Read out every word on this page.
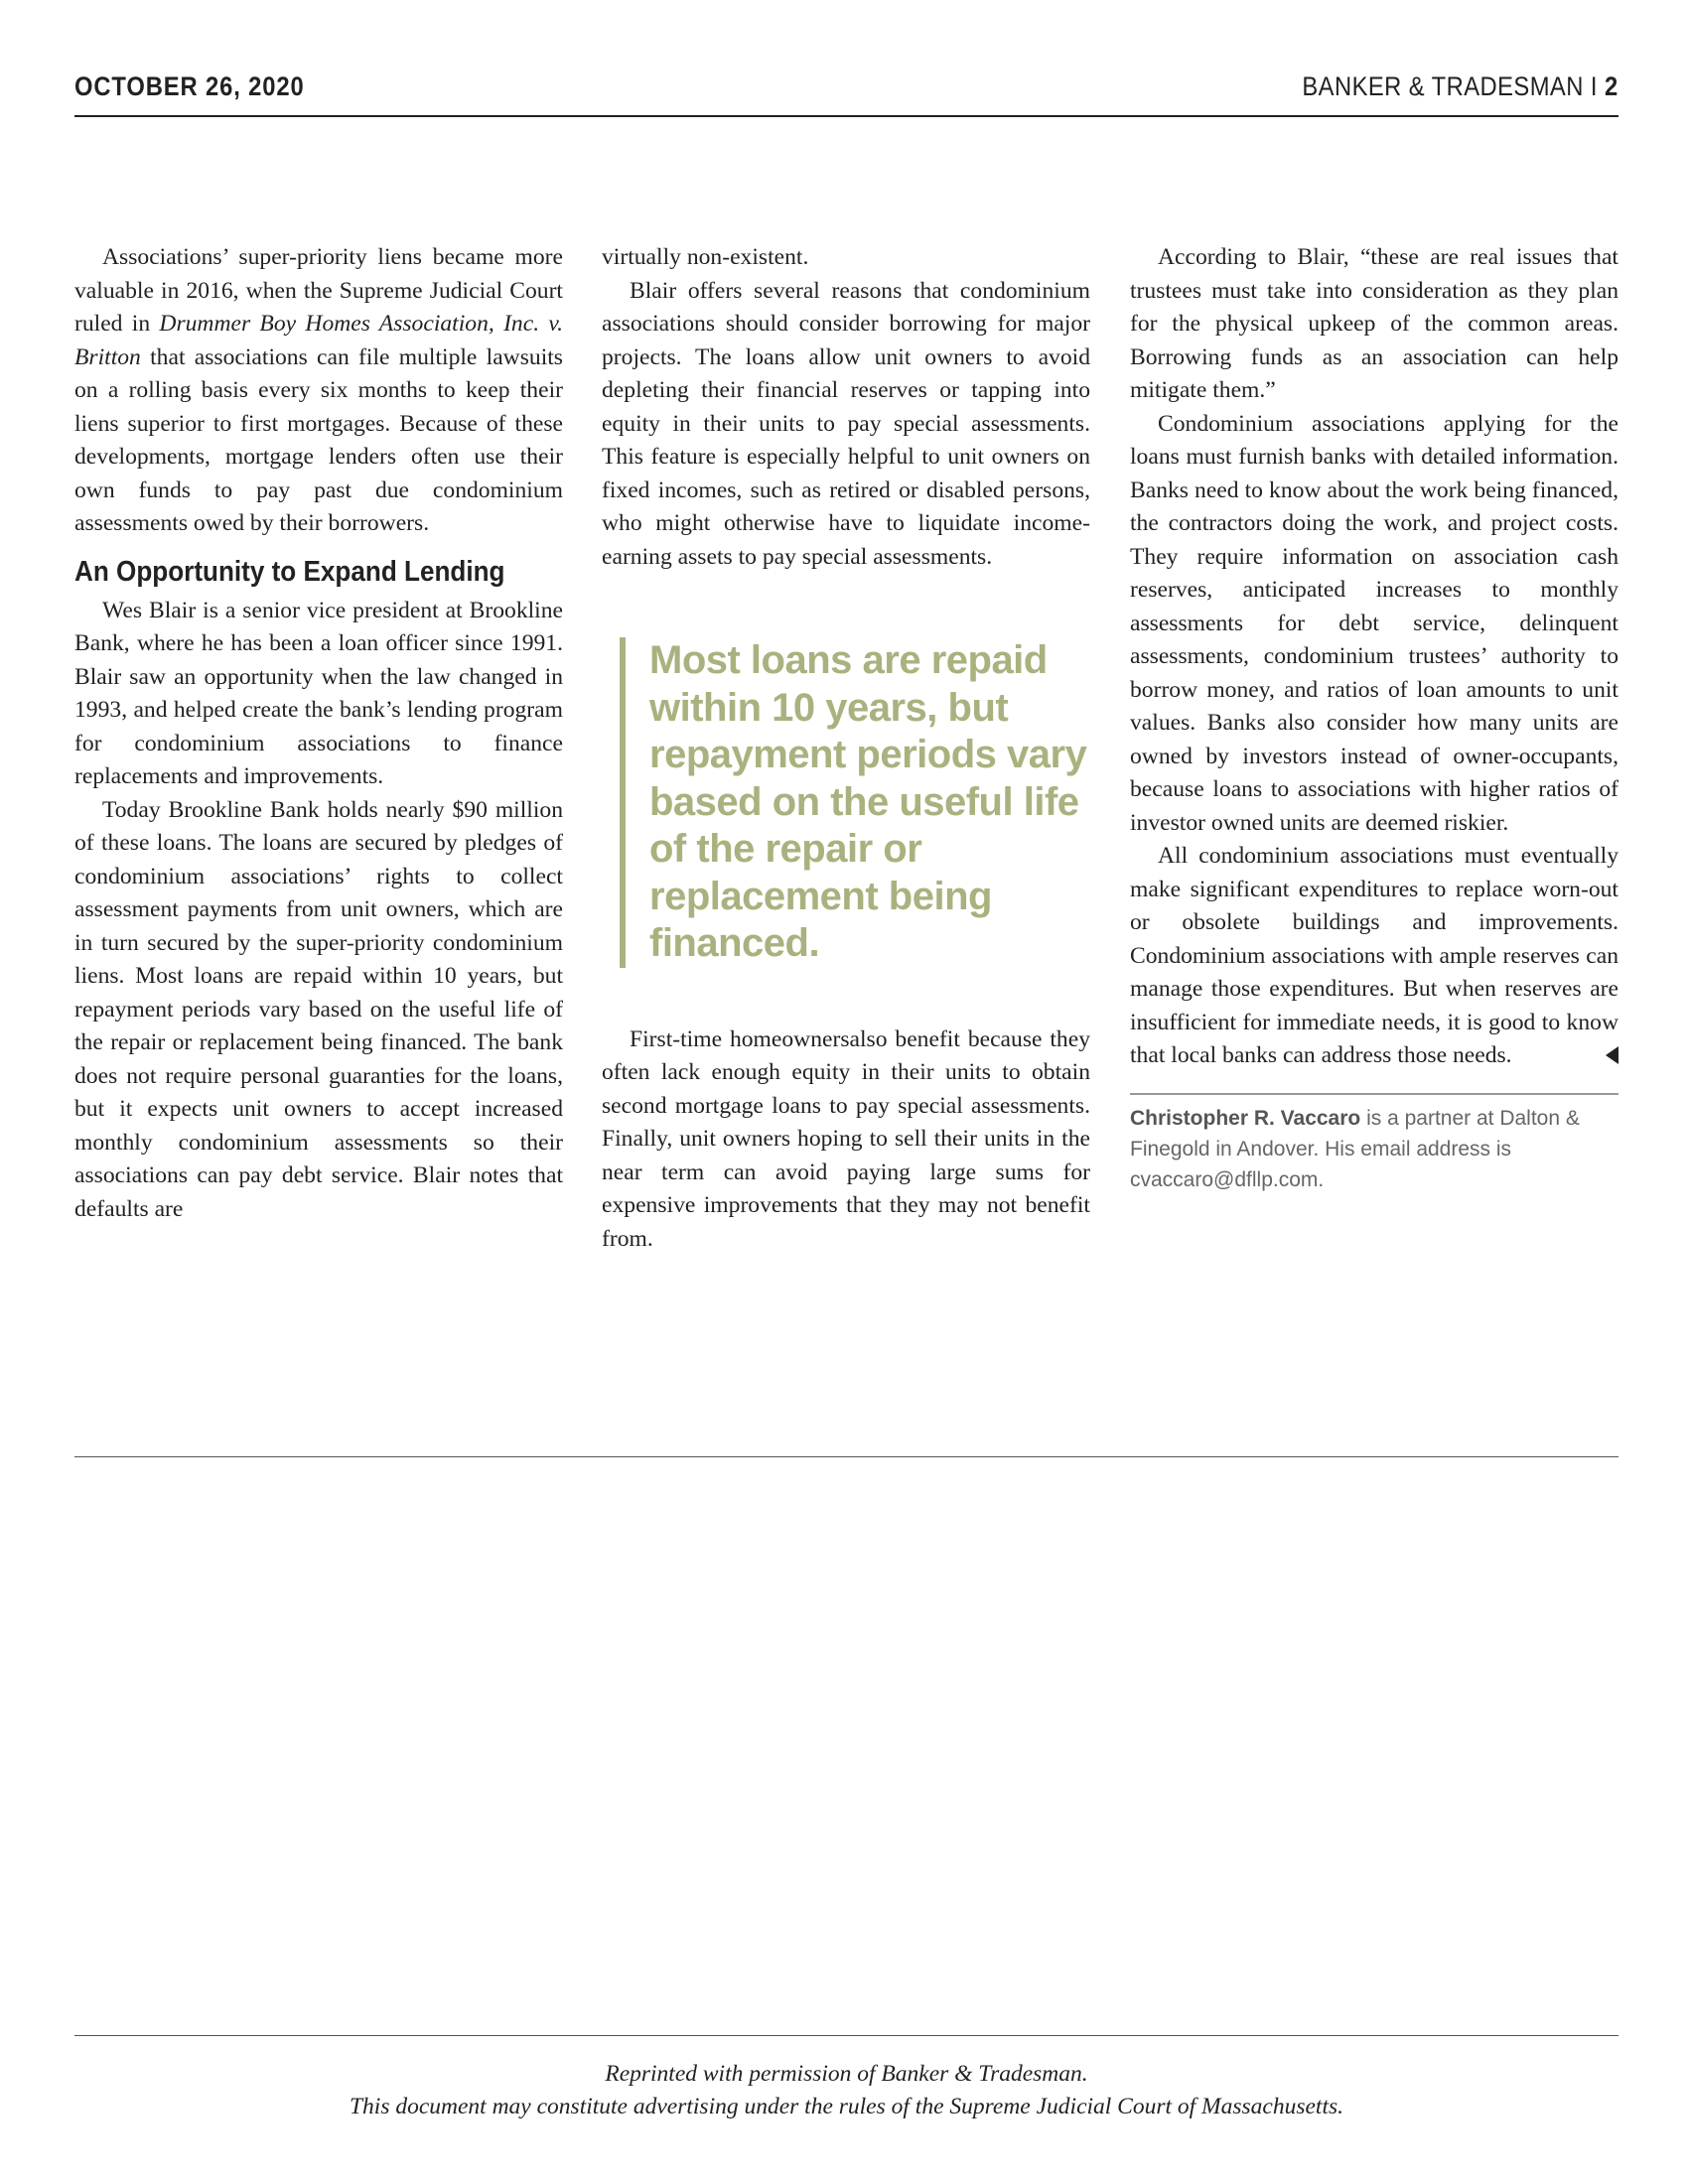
OCTOBER 26, 2020	BANKER & TRADESMAN I 2

Associations’ super-priority liens became more valuable in 2016, when the Supreme Judicial Court ruled in Drummer Boy Homes Association, Inc. v. Britton that associations can file multiple lawsuits on a rolling basis every six months to keep their liens superior to first mortgages. Because of these developments, mortgage lenders often use their own funds to pay past due condominium assessments owed by their borrowers.

An Opportunity to Expand Lending

Wes Blair is a senior vice president at Brookline Bank, where he has been a loan officer since 1991. Blair saw an opportunity when the law changed in 1993, and helped create the bank’s lending program for condominium associations to finance replacements and improvements.

Today Brookline Bank holds nearly $90 million of these loans. The loans are secured by pledges of condominium associations’ rights to collect assessment payments from unit owners, which are in turn secured by the super-priority condominium liens. Most loans are repaid within 10 years, but repayment periods vary based on the useful life of the repair or replacement being financed. The bank does not require personal guaranties for the loans, but it expects unit owners to accept increased monthly condominium assessments so their associations can pay debt service. Blair notes that defaults are

virtually non-existent.

Blair offers several reasons that condominium associations should consider borrowing for major projects. The loans allow unit owners to avoid depleting their financial reserves or tapping into equity in their units to pay special assessments. This feature is especially helpful to unit owners on fixed incomes, such as retired or disabled persons, who might otherwise have to liquidate income-earning assets to pay special assessments.

Most loans are repaid within 10 years, but repayment periods vary based on the useful life of the repair or replacement being financed.

First-time homeownersalso benefit because they often lack enough equity in their units to obtain second mortgage loans to pay special assessments. Finally, unit owners hoping to sell their units in the near term can avoid paying large sums for expensive improvements that they may not benefit from.

According to Blair, “these are real issues that trustees must take into consideration as they plan for the physical upkeep of the common areas. Borrowing funds as an association can help mitigate them.”

Condominium associations applying for the loans must furnish banks with detailed information. Banks need to know about the work being financed, the contractors doing the work, and project costs. They require information on association cash reserves, anticipated increases to monthly assessments for debt service, delinquent assessments, condominium trustees’ authority to borrow money, and ratios of loan amounts to unit values. Banks also consider how many units are owned by investors instead of owner-occupants, because loans to associations with higher ratios of investor owned units are deemed riskier.

All condominium associations must eventually make significant expenditures to replace worn-out or obsolete buildings and improvements. Condominium associations with ample reserves can manage those expenditures. But when reserves are insufficient for immediate needs, it is good to know that local banks can address those needs.

Christopher R. Vaccaro is a partner at Dalton & Finegold in Andover. His email address is cvaccaro@dfllp.com.
Reprinted with permission of Banker & Tradesman.
This document may constitute advertising under the rules of the Supreme Judicial Court of Massachusetts.
